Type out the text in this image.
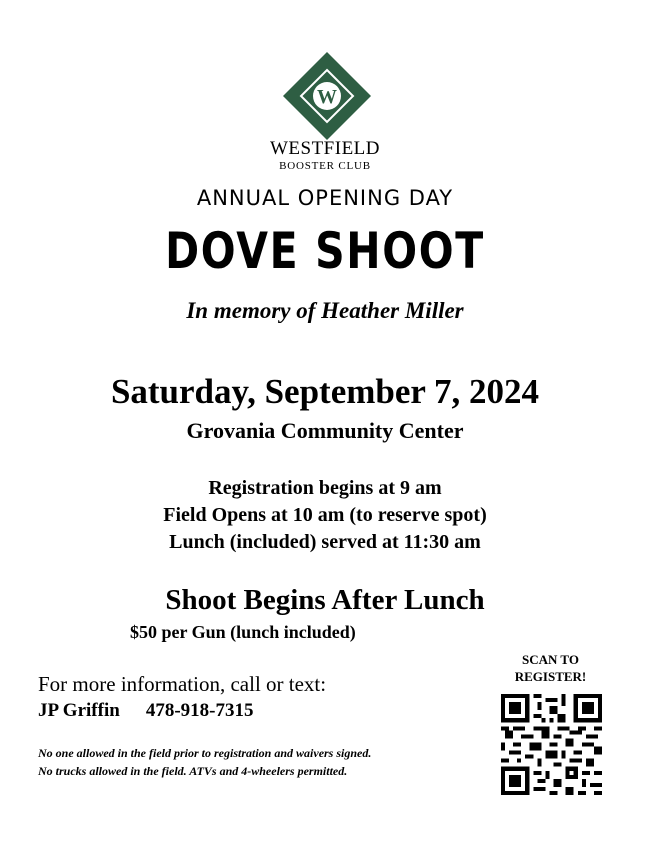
W
WESTFIELD
BOOSTER CLUB
ANNUAL OPENING DAY
DOVE SHOOT
In memory of Heather Miller
Saturday, September 7, 2024
Grovania Community Center
Registration begins at 9 am
Field Opens at 10 am (to reserve spot)
Lunch (included) served at 11:30 am
Shoot Begins After Lunch
$50 per Gun (lunch included)
For more information, call or text:
JP Griffin 478-918-7315
No one allowed in the field prior to registration and waivers signed.
No trucks allowed in the field. ATVs and 4-wheelers permitted.
SCAN TO
REGISTER!
